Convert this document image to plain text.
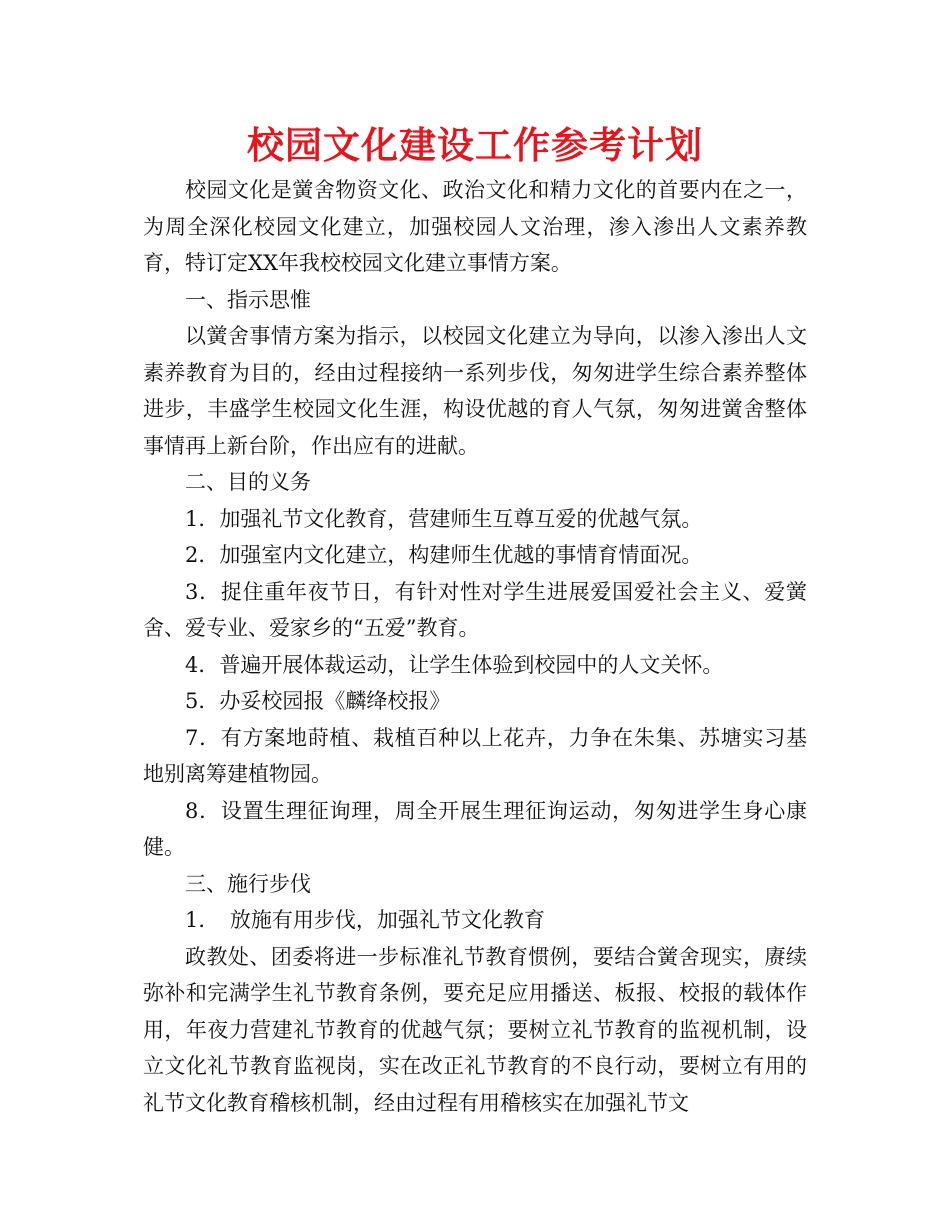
校园文化建设工作参考计划

校园文化是黉舍物资文化、政治文化和精力文化的首要内在之一，为周全深化校园文化建立，加强校园人文治理，渗入渗出人文素养教育，特订定XX年我校校园文化建立事情方案。

一、指示思惟

以黉舍事情方案为指示，以校园文化建立为导向，以渗入渗出人文素养教育为目的，经由过程接纳一系列步伐，匆匆进学生综合素养整体进步，丰盛学生校园文化生涯，构设优越的育人气氛，匆匆进黉舍整体事情再上新台阶，作出应有的进献。

二、目的义务

1．加强礼节文化教育，营建师生互尊互爱的优越气氛。

2．加强室内文化建立，构建师生优越的事情育情面况。

3．捉住重年夜节日，有针对性对学生进展爱国爱社会主义、爱黉舍、爱专业、爱家乡的“五爱”教育。

4．普遍开展体裁运动，让学生体验到校园中的人文关怀。

5．办妥校园报《麟绛校报》

7．有方案地莳植、栽植百种以上花卉，力争在朱集、苏塘实习基地别离筹建植物园。

8．设置生理征询理，周全开展生理征询运动，匆匆进学生身心康健。

三、施行步伐

1．　放施有用步伐，加强礼节文化教育

政教处、团委将进一步标准礼节教育惯例，要结合黉舍现实，赓续弥补和完满学生礼节教育条例，要充足应用播送、板报、校报的载体作用，年夜力营建礼节教育的优越气氛；要树立礼节教育的监视机制，设立文化礼节教育监视岗，实在改正礼节教育的不良行动，要树立有用的礼节文化教育稽核机制，经由过程有用稽核实在加强礼节文
